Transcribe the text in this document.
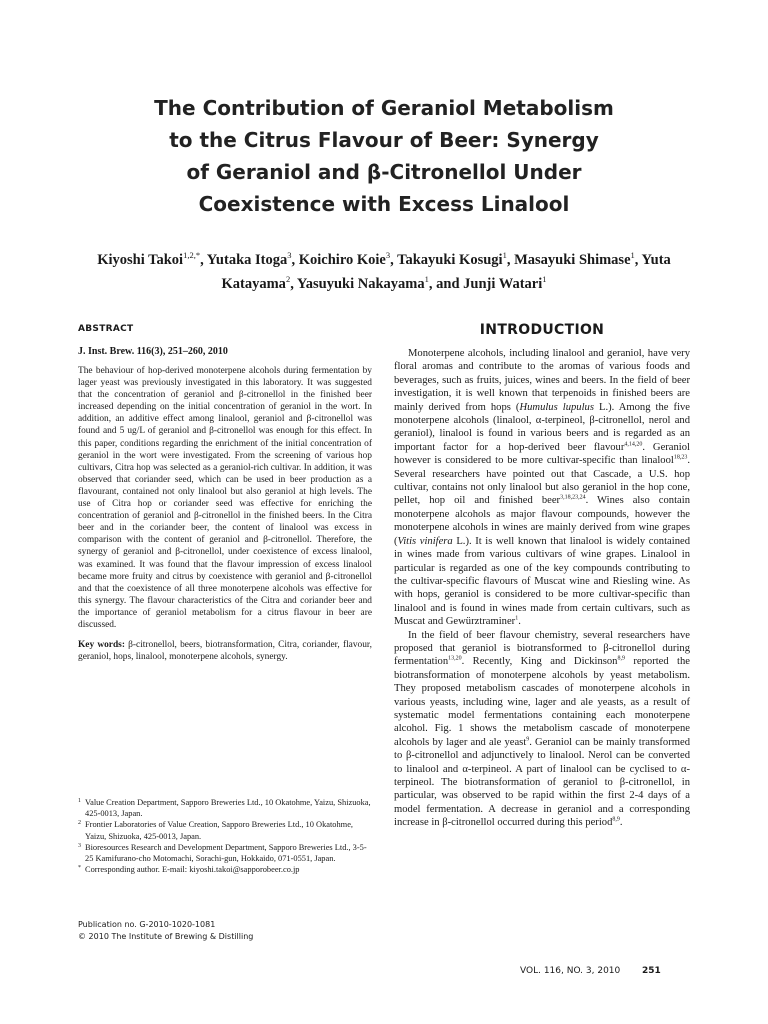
The Contribution of Geraniol Metabolism
to the Citrus Flavour of Beer: Synergy
of Geraniol and β-Citronellol Under
Coexistence with Excess Linalool
Kiyoshi Takoi$^{1,2,*}$, Yutaka Itoga$^3$, Koichiro Koie$^3$, Takayuki Kosugi$^1$, Masayuki Shimase$^1$, Yuta Katayama$^2$, Yasuyuki Nakayama$^1$, and Junji Watari$^1$
ABSTRACT
J. Inst. Brew. 116(3), 251–260, 2010

The behaviour of hop-derived monoterpene alcohols during fermentation by lager yeast was previously investigated in this laboratory. It was suggested that the concentration of geraniol and β-citronellol in the finished beer increased depending on the initial concentration of geraniol in the wort. In addition, an additive effect among linalool, geraniol and β-citronellol was found and 5 ug/L of geraniol and β-citronellol was enough for this effect. In this paper, conditions regarding the enrichment of the initial concentration of geraniol in the wort were investigated. From the screening of various hop cultivars, Citra hop was selected as a geraniol-rich cultivar. In addition, it was observed that coriander seed, which can be used in beer production as a flavourant, contained not only linalool but also geraniol at high levels. The use of Citra hop or coriander seed was effective for enriching the concentration of geraniol and β-citronellol in the finished beers. In the Citra beer and in the coriander beer, the content of linalool was excess in comparison with the content of geraniol and β-citronellol. Therefore, the synergy of geraniol and β-citronellol, under coexistence of excess linalool, was examined. It was found that the flavour impression of excess linalool became more fruity and citrus by coexistence with geraniol and β-citronellol and that the coexistence of all three monoterpene alcohols was effective for this synergy. The flavour characteristics of the Citra and coriander beer and the importance of geraniol metabolism for a citrus flavour in beer are discussed.

Key words: β-citronellol, beers, biotransformation, Citra, coriander, flavour, geraniol, hops, linalool, monoterpene alcohols, synergy.

1 Value Creation Department, Sapporo Breweries Ltd., 10 Okatohme, Yaizu, Shizuoka, 425-0013, Japan.
2 Frontier Laboratories of Value Creation, Sapporo Breweries Ltd., 10 Okatohme, Yaizu, Shizuoka, 425-0013, Japan.
3 Bioresources Research and Development Department, Sapporo Breweries Ltd., 3-5-25 Kamifurano-cho Motomachi, Sorachi-gun, Hokkaido, 071-0551, Japan.
* Corresponding author. E-mail: kiyoshi.takoi@sapporobeer.co.jp
Publication no. G-2010-1020-1081
© 2010 The Institute of Brewing & Distilling
INTRODUCTION

Monoterpene alcohols, including linalool and geraniol, have very floral aromas and contribute to the aromas of various foods and beverages, such as fruits, juices, wines and beers. In the field of beer investigation, it is well known that terpenoids in finished beers are mainly derived from hops (Humulus lupulus L.). Among the five monoterpene alcohols (linalool, α-terpineol, β-citronellol, nerol and geraniol), linalool is found in various beers and is regarded as an important factor for a hop-derived beer flavour$^{4,14,20}$. Geraniol however is considered to be more cultivar-specific than linalool$^{18,23}$. Several researchers have pointed out that Cascade, a U.S. hop cultivar, contains not only linalool but also geraniol in the hop cone, pellet, hop oil and finished beer$^{3,18,23,24}$. Wines also contain monoterpene alcohols as major flavour compounds, however the monoterpene alcohols in wines are mainly derived from wine grapes (Vitis vinifera L.). It is well known that linalool is widely contained in wines made from various cultivars of wine grapes. Linalool in particular is regarded as one of the key compounds contributing to the cultivar-specific flavours of Muscat wine and Riesling wine. As with hops, geraniol is considered to be more cultivar-specific than linalool and is found in wines made from certain cultivars, such as Muscat and Gewürztraminer$^1$.

In the field of beer flavour chemistry, several researchers have proposed that geraniol is biotransformed to β-citronellol during fermentation$^{13,20}$. Recently, King and Dickinson$^{8,9}$ reported the biotransformation of monoterpene alcohols by yeast metabolism. They proposed metabolism cascades of monoterpene alcohols in various yeasts, including wine, lager and ale yeasts, as a result of systematic model fermentations containing each monoterpene alcohol. Fig. 1 shows the metabolism cascade of monoterpene alcohols by lager and ale yeast$^9$. Geraniol can be mainly transformed to β-citronellol and adjunctively to linalool. Nerol can be converted to linalool and α-terpineol. A part of linalool can be cyclised to α-terpineol. The biotransformation of geraniol to β-citronellol, in particular, was observed to be rapid within the first 2-4 days of a model fermentation. A decrease in geraniol and a corresponding increase in β-citronellol occurred during this period$^{8,9}$.

VOL. 116, NO. 3, 2010 251
